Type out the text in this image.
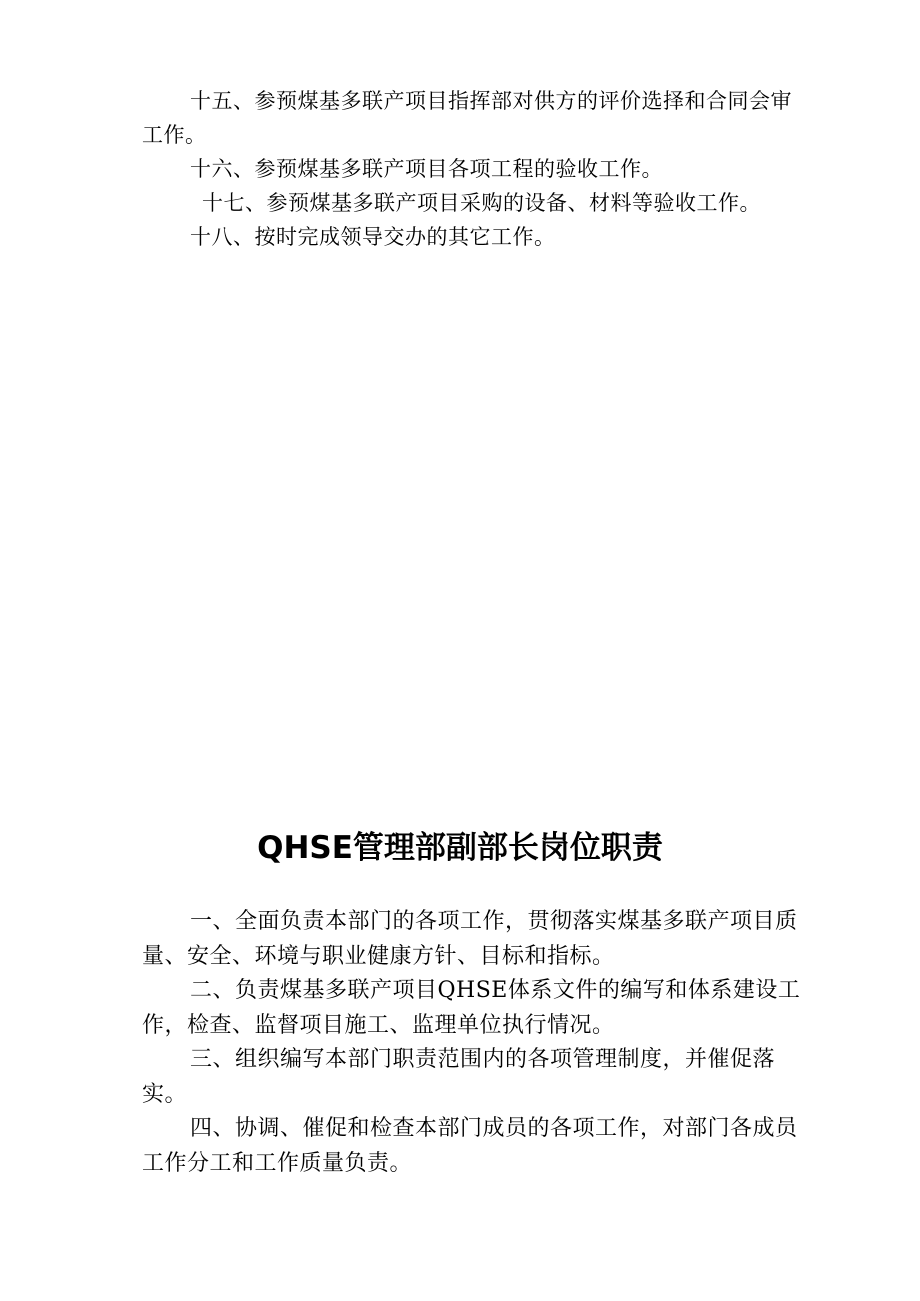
十五、参预煤基多联产项目指挥部对供方的评价选择和合同会审工作。

十六、参预煤基多联产项目各项工程的验收工作。

十七、参预煤基多联产项目采购的设备、材料等验收工作。

十八、按时完成领导交办的其它工作。

QHSE管理部副部长岗位职责

一、全面负责本部门的各项工作，贯彻落实煤基多联产项目质量、安全、环境与职业健康方针、目标和指标。

二、负责煤基多联产项目QHSE体系文件的编写和体系建设工作，检查、监督项目施工、监理单位执行情况。

三、组织编写本部门职责范围内的各项管理制度，并催促落实。

四、协调、催促和检查本部门成员的各项工作，对部门各成员工作分工和工作质量负责。
